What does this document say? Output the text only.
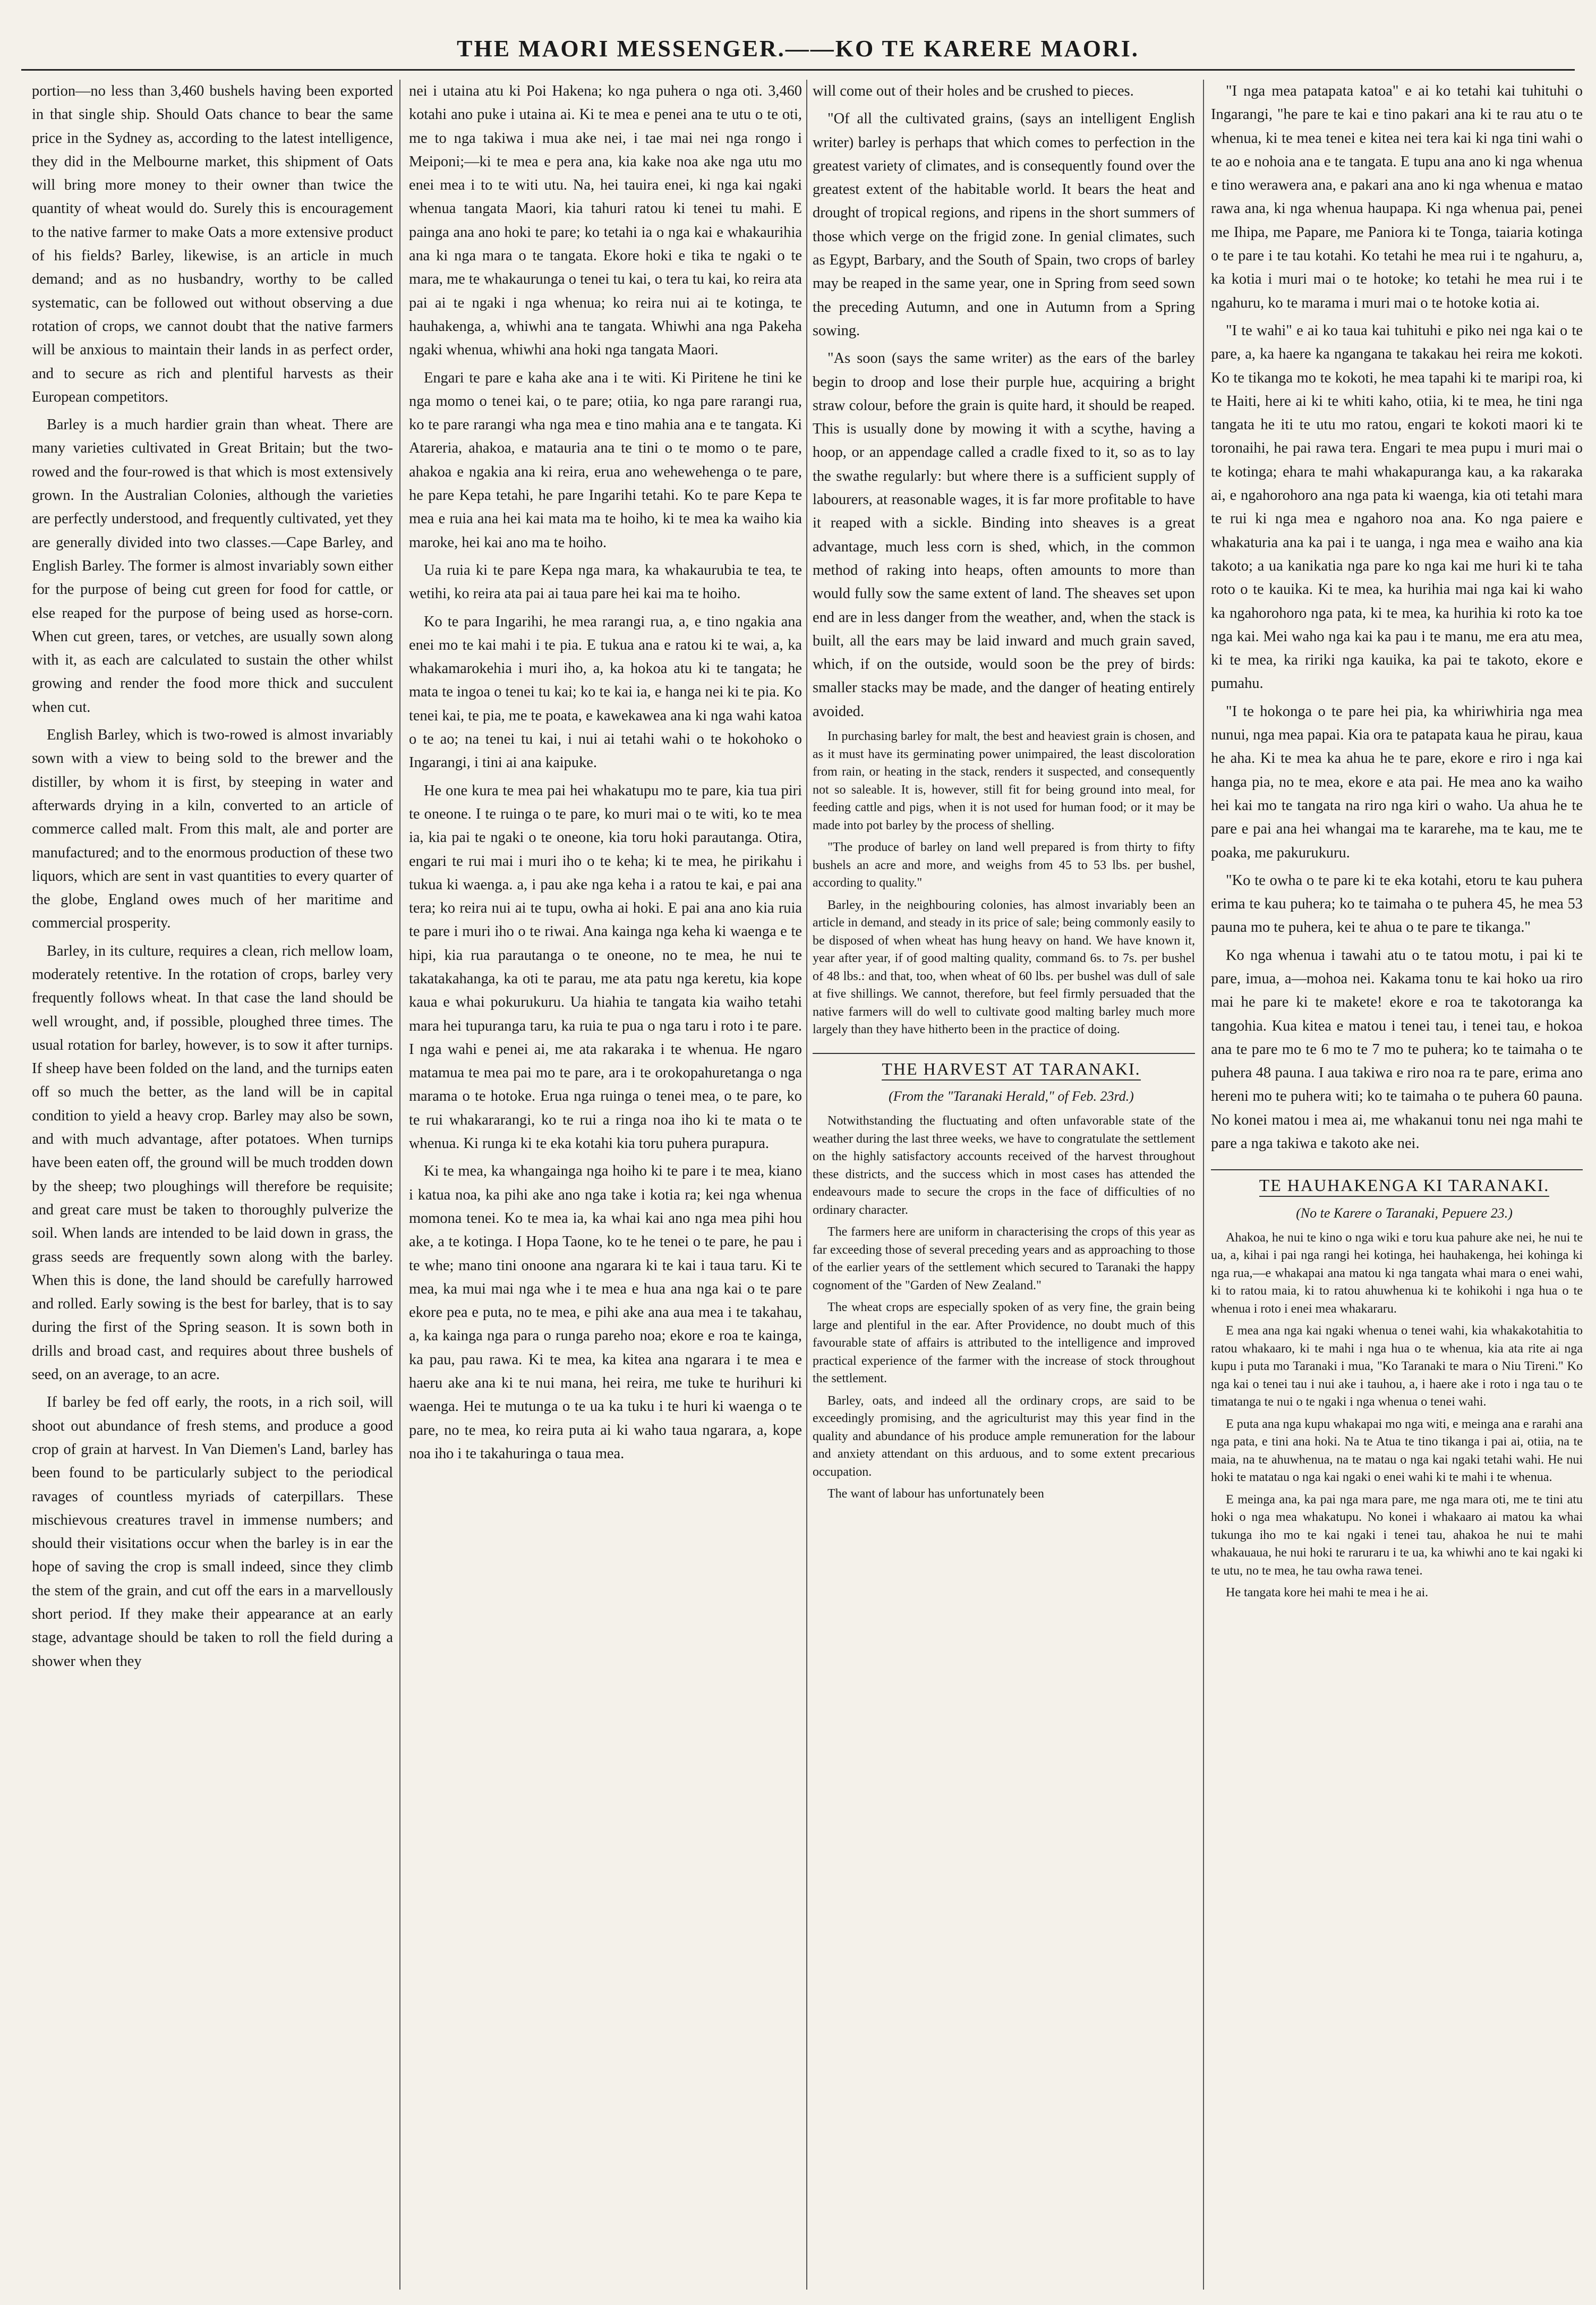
THE MAORI MESSENGER.——KO TE KARERE MAORI.

portion—no less than 3,460 bushels having been exported in that single ship. Should Oats chance to bear the same price in the Sydney as, according to the latest intelligence, they did in the Melbourne market, this shipment of Oats will bring more money to their owner than twice the quantity of wheat would do. Surely this is encouragement to the native farmer to make Oats a more extensive product of his fields? Barley, likewise, is an article in much demand; and as no husbandry, worthy to be called systematic, can be followed out without observing a due rotation of crops, we cannot doubt that the native farmers will be anxious to maintain their lands in as perfect order, and to secure as rich and plentiful harvests as their European competitors.

Barley is a much hardier grain than wheat. There are many varieties cultivated in Great Britain; but the two-rowed and the four-rowed is that which is most extensively grown. In the Australian Colonies, although the varieties are perfectly understood, and frequently cultivated, yet they are generally divided into two classes.—Cape Barley, and English Barley. The former is almost invariably sown either for the purpose of being cut green for food for cattle, or else reaped for the purpose of being used as horse-corn. When cut green, tares, or vetches, are usually sown along with it, as each are calculated to sustain the other whilst growing and render the food more thick and succulent when cut.

English Barley, which is two-rowed is almost invariably sown with a view to being sold to the brewer and the distiller, by whom it is first, by steeping in water and afterwards drying in a kiln, converted to an article of commerce called malt. From this malt, ale and porter are manufactured; and to the enormous production of these two liquors, which are sent in vast quantities to every quarter of the globe, England owes much of her maritime and commercial prosperity.

Barley, in its culture, requires a clean, rich mellow loam, moderately retentive. In the rotation of crops, barley very frequently follows wheat. In that case the land should be well wrought, and, if possible, ploughed three times. The usual rotation for barley, however, is to sow it after turnips. If sheep have been folded on the land, and the turnips eaten off so much the better, as the land will be in capital condition to yield a heavy crop. Barley may also be sown, and with much advantage, after potatoes. When turnips have been eaten off, the ground will be much trodden down by the sheep; two ploughings will therefore be requisite; and great care must be taken to thoroughly pulverize the soil. When lands are intended to be laid down in grass, the grass seeds are frequently sown along with the barley. When this is done, the land should be carefully harrowed and rolled. Early sowing is the best for barley, that is to say during the first of the Spring season. It is sown both in drills and broad cast, and requires about three bushels of seed, on an average, to an acre.

If barley be fed off early, the roots, in a rich soil, will shoot out abundance of fresh stems, and produce a good crop of grain at harvest. In Van Diemen's Land, barley has been found to be particularly subject to the periodical ravages of countless myriads of caterpillars. These mischievous creatures travel in immense numbers; and should their visitations occur when the barley is in ear the hope of saving the crop is small indeed, since they climb the stem of the grain, and cut off the ears in a marvellously short period. If they make their appearance at an early stage, advantage should be taken to roll the field during a shower when they

nei i utaina atu ki Poi Hakena; ko nga puhera o nga oti. 3,460 kotahi ano puke i utaina ai. Ki te mea e penei ana te utu o te oti, me to nga takiwa i mua ake nei, i tae mai nei nga rongo i Meiponi;—ki te mea e pera ana, kia kake noa ake nga utu mo enei mea i to te witi utu. Na, hei tauira enei, ki nga kai ngaki whenua tangata Maori, kia tahuri ratou ki tenei tu mahi. E painga ana ano hoki te pare; ko tetahi ia o nga kai e whakaurihia ana ki nga mara o te tangata. Ekore hoki e tika te ngaki o te mara, me te whakaurunga o tenei tu kai, o tera tu kai, ko reira ata pai ai te ngaki i nga whenua; ko reira nui ai te kotinga, te hauhakenga, a, whiwhi ana te tangata. Whiwhi ana nga Pakeha ngaki whenua, whiwhi ana hoki nga tangata Maori.

Engari te pare e kaha ake ana i te witi. Ki Piritene he tini ke nga momo o tenei kai, o te pare; otiia, ko nga pare rarangi rua, ko te pare rarangi wha nga mea e tino mahia ana e te tangata. Ki Atareria, ahakoa, e matauria ana te tini o te momo o te pare, ahakoa e ngakia ana ki reira, erua ano wehewehenga o te pare, he pare Kepa tetahi, he pare Ingarihi tetahi. Ko te pare Kepa te mea e ruia ana hei kai mata ma te hoiho, ki te mea ka waiho kia maroke, hei kai ano ma te hoiho.

Ua ruia ki te pare Kepa nga mara, ka whakaurubia te tea, te wetihi, ko reira ata pai ai taua pare hei kai ma te hoiho.

Ko te para Ingarihi, he mea rarangi rua, a, e tino ngakia ana enei mo te kai mahi i te pia. E tukua ana e ratou ki te wai, a, ka whakamarokehia i muri iho, a, ka hokoa atu ki te tangata; he mata te ingoa o tenei tu kai; ko te kai ia, e hanga nei ki te pia. Ko tenei kai, te pia, me te poata, e kawekawea ana ki nga wahi katoa o te ao; na tenei tu kai, i nui ai tetahi wahi o te hokohoko o Ingarangi, i tini ai ana kaipuke.

He one kura te mea pai hei whakatupu mo te pare, kia tua piri te oneone. I te ruinga o te pare, ko muri mai o te witi, ko te mea ia, kia pai te ngaki o te oneone, kia toru hoki parautanga. Otira, engari te rui mai i muri iho o te keha; ki te mea, he pirikahu i tukua ki waenga. a, i pau ake nga keha i a ratou te kai, e pai ana tera; ko reira nui ai te tupu, owha ai hoki. E pai ana ano kia ruia te pare i muri iho o te riwai. Ana kainga nga keha ki waenga e te hipi, kia rua parautanga o te oneone, no te mea, he nui te takatakahanga, ka oti te parau, me ata patu nga keretu, kia kope kaua e whai pokurukuru. Ua hiahia te tangata kia waiho tetahi mara hei tupuranga taru, ka ruia te pua o nga taru i roto i te pare. I nga wahi e penei ai, me ata rakaraka i te whenua. He ngaro matamua te mea pai mo te pare, ara i te orokopahuretanga o nga marama o te hotoke. Erua nga ruinga o tenei mea, o te pare, ko te rui whakararangi, ko te rui a ringa noa iho ki te mata o te whenua. Ki runga ki te eka kotahi kia toru puhera purapura.

Ki te mea, ka whangainga nga hoiho ki te pare i te mea, kiano i katua noa, ka pihi ake ano nga take i kotia ra; kei nga whenua momona tenei. Ko te mea ia, ka whai kai ano nga mea pihi hou ake, a te kotinga. I Hopa Taone, ko te he tenei o te pare, he pau i te whe; mano tini onoone ana ngarara ki te kai i taua taru. Ki te mea, ka mui mai nga whe i te mea e hua ana nga kai o te pare ekore pea e puta, no te mea, e pihi ake ana aua mea i te takahau, a, ka kainga nga para o runga pareho noa; ekore e roa te kainga, ka pau, pau rawa. Ki te mea, ka kitea ana ngarara i te mea e haeru ake ana ki te nui mana, hei reira, me tuke te hurihuri ki waenga. Hei te mutunga o te ua ka tuku i te huri ki waenga o te pare, no te mea, ko reira puta ai ki waho taua ngarara, a, kope noa iho i te takahuringa o taua mea.

will come out of their holes and be crushed to pieces.

"Of all the cultivated grains, (says an intelligent English writer) barley is perhaps that which comes to perfection in the greatest variety of climates, and is consequently found over the greatest extent of the habitable world. It bears the heat and drought of tropical regions, and ripens in the short summers of those which verge on the frigid zone. In genial climates, such as Egypt, Barbary, and the South of Spain, two crops of barley may be reaped in the same year, one in Spring from seed sown the preceding Autumn, and one in Autumn from a Spring sowing.

"As soon (says the same writer) as the ears of the barley begin to droop and lose their purple hue, acquiring a bright straw colour, before the grain is quite hard, it should be reaped. This is usually done by mowing it with a scythe, having a hoop, or an appendage called a cradle fixed to it, so as to lay the swathe regularly: but where there is a sufficient supply of labourers, at reasonable wages, it is far more profitable to have it reaped with a sickle. Binding into sheaves is a great advantage, much less corn is shed, which, in the common method of raking into heaps, often amounts to more than would fully sow the same extent of land. The sheaves set upon end are in less danger from the weather, and, when the stack is built, all the ears may be laid inward and much grain saved, which, if on the outside, would soon be the prey of birds: smaller stacks may be made, and the danger of heating entirely avoided.

In purchasing barley for malt, the best and heaviest grain is chosen, and as it must have its germinating power unimpaired, the least discoloration from rain, or heating in the stack, renders it suspected, and consequently not so saleable. It is, however, still fit for being ground into meal, for feeding cattle and pigs, when it is not used for human food; or it may be made into pot barley by the process of shelling.

"The produce of barley on land well prepared is from thirty to fifty bushels an acre and more, and weighs from 45 to 53 lbs. per bushel, according to quality."

Barley, in the neighbouring colonies, has almost invariably been an article in demand, and steady in its price of sale; being commonly easily to be disposed of when wheat has hung heavy on hand. We have known it, year after year, if of good malting quality, command 6s. to 7s. per bushel of 48 lbs.: and that, too, when wheat of 60 lbs. per bushel was dull of sale at five shillings. We cannot, therefore, but feel firmly persuaded that the native farmers will do well to cultivate good malting barley much more largely than they have hitherto been in the practice of doing.

THE HARVEST AT TARANAKI.

(From the "Taranaki Herald," of Feb. 23rd.)

Notwithstanding the fluctuating and often unfavorable state of the weather during the last three weeks, we have to congratulate the settlement on the highly satisfactory accounts received of the harvest throughout these districts, and the success which in most cases has attended the endeavours made to secure the crops in the face of difficulties of no ordinary character.

The farmers here are uniform in characterising the crops of this year as far exceeding those of several preceding years and as approaching to those of the earlier years of the settlement which secured to Taranaki the happy cognoment of the "Garden of New Zealand."

The wheat crops are especially spoken of as very fine, the grain being large and plentiful in the ear. After Providence, no doubt much of this favourable state of affairs is attributed to the intelligence and improved practical experience of the farmer with the increase of stock throughout the settlement.

Barley, oats, and indeed all the ordinary crops, are said to be exceedingly promising, and the agriculturist may this year find in the quality and abundance of his produce ample remuneration for the labour and anxiety attendant on this arduous, and to some extent precarious occupation.

The want of labour has unfortunately been

"I nga mea patapata katoa" e ai ko tetahi kai tuhituhi o Ingarangi, "he pare te kai e tino pakari ana ki te rau atu o te whenua, ki te mea tenei e kitea nei tera kai ki nga tini wahi o te ao e nohoia ana e te tangata. E tupu ana ano ki nga whenua e tino werawera ana, e pakari ana ano ki nga whenua e matao rawa ana, ki nga whenua haupapa. Ki nga whenua pai, penei me Ihipa, me Papare, me Paniora ki te Tonga, taiaria kotinga o te pare i te tau kotahi. Ko tetahi he mea rui i te ngahuru, a, ka kotia i muri mai o te hotoke; ko tetahi he mea rui i te ngahuru, ko te marama i muri mai o te hotoke kotia ai.

"I te wahi" e ai ko taua kai tuhituhi e piko nei nga kai o te pare, a, ka haere ka ngangana te takakau hei reira me kokoti. Ko te tikanga mo te kokoti, he mea tapahi ki te maripi roa, ki te Haiti, here ai ki te whiti kaho, otiia, ki te mea, he tini nga tangata he iti te utu mo ratou, engari te kokoti maori ki te toronaihi, he pai rawa tera. Engari te mea pupu i muri mai o te kotinga; ehara te mahi whakapuranga kau, a ka rakaraka ai, e ngahorohoro ana nga pata ki waenga, kia oti tetahi mara te rui ki nga mea e ngahoro noa ana. Ko nga paiere e whakaturia ana ka pai i te uanga, i nga mea e waiho ana kia takoto; a ua kanikatia nga pare ko nga kai me huri ki te taha roto o te kauika. Ki te mea, ka hurihia mai nga kai ki waho ka ngahorohoro nga pata, ki te mea, ka hurihia ki roto ka toe nga kai. Mei waho nga kai ka pau i te manu, me era atu mea, ki te mea, ka ririki nga kauika, ka pai te takoto, ekore e pumahu.

"I te hokonga o te pare hei pia, ka whiriwhiria nga mea nunui, nga mea papai. Kia ora te patapata kaua he pirau, kaua he aha. Ki te mea ka ahua he te pare, ekore e riro i nga kai hanga pia, no te mea, ekore e ata pai. He mea ano ka waiho hei kai mo te tangata na riro nga kiri o waho. Ua ahua he te pare e pai ana hei whangai ma te kararehe, ma te kau, me te poaka, me pakurukuru.

"Ko te owha o te pare ki te eka kotahi, etoru te kau puhera erima te kau puhera; ko te taimaha o te puhera 45, he mea 53 pauna mo te puhera, kei te ahua o te pare te tikanga."

Ko nga whenua i tawahi atu o te tatou motu, i pai ki te pare, imua, a—mohoa nei. Kakama tonu te kai hoko ua riro mai he pare ki te makete! ekore e roa te takotoranga ka tangohia. Kua kitea e matou i tenei tau, i tenei tau, e hokoa ana te pare mo te 6 mo te 7 mo te puhera; ko te taimaha o te puhera 48 pauna. I aua takiwa e riro noa ra te pare, erima ano hereni mo te puhera witi; ko te taimaha o te puhera 60 pauna. No konei matou i mea ai, me whakanui tonu nei nga mahi te pare a nga takiwa e takoto ake nei.

TE HAUHAKENGA KI TARANAKI.

(No te Karere o Taranaki, Pepuere 23.)

Ahakoa, he nui te kino o nga wiki e toru kua pahure ake nei, he nui te ua, a, kihai i pai nga rangi hei kotinga, hei hauhakenga, hei kohinga ki nga rua,—e whakapai ana matou ki nga tangata whai mara o enei wahi, ki to ratou maia, ki to ratou ahuwhenua ki te kohikohi i nga hua o te whenua i roto i enei mea whakararu.

E mea ana nga kai ngaki whenua o tenei wahi, kia whakakotahitia to ratou whakaaro, ki te mahi i nga hua o te whenua, kia ata rite ai nga kupu i puta mo Taranaki i mua, "Ko Taranaki te mara o Niu Tireni." Ko nga kai o tenei tau i nui ake i tauhou, a, i haere ake i roto i nga tau o te timatanga te nui o te ngaki i nga whenua o tenei wahi.

E puta ana nga kupu whakapai mo nga witi, e meinga ana e rarahi ana nga pata, e tini ana hoki. Na te Atua te tino tikanga i pai ai, otiia, na te maia, na te ahuwhenua, na te matau o nga kai ngaki tetahi wahi. He nui hoki te matatau o nga kai ngaki o enei wahi ki te mahi i te whenua.

E meinga ana, ka pai nga mara pare, me nga mara oti, me te tini atu hoki o nga mea whakatupu. No konei i whakaaro ai matou ka whai tukunga iho mo te kai ngaki i tenei tau, ahakoa he nui te mahi whakauaua, he nui hoki te raruraru i te ua, ka whiwhi ano te kai ngaki ki te utu, no te mea, he tau owha rawa tenei.

He tangata kore hei mahi te mea i he ai.
